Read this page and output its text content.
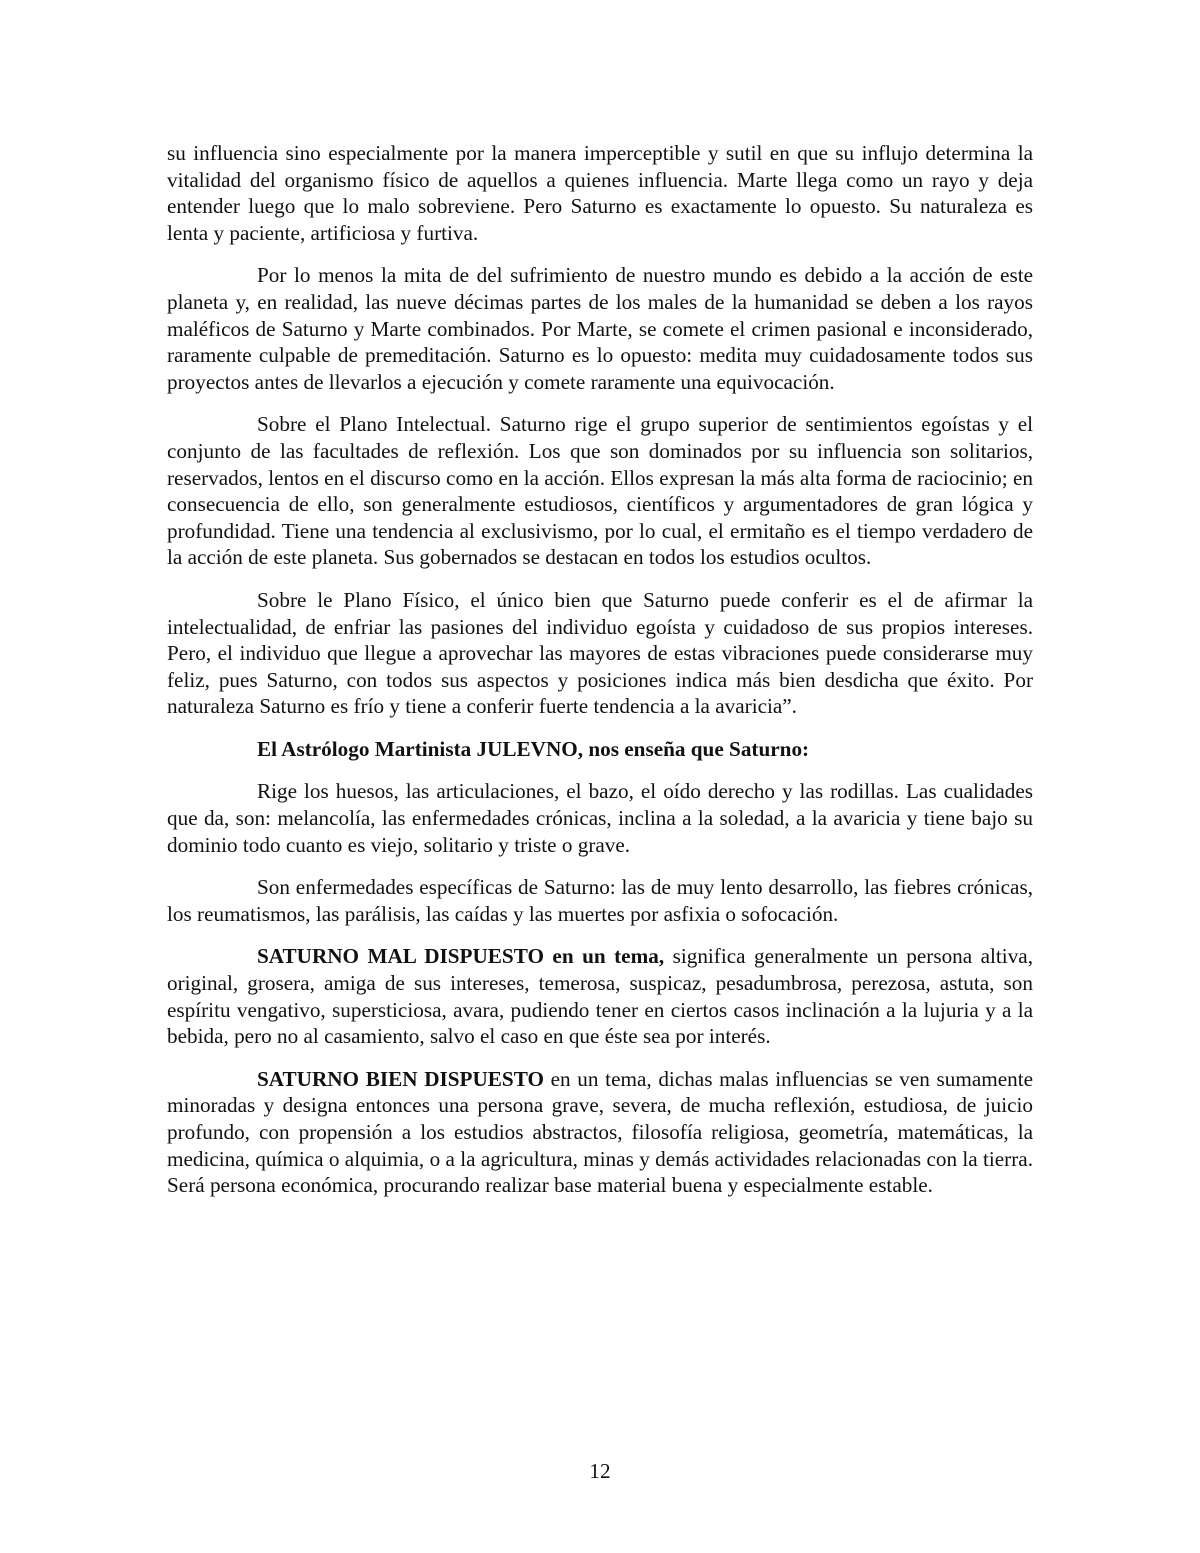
su influencia sino especialmente por la manera imperceptible y sutil en que su influjo determina la vitalidad del organismo físico de aquellos a quienes influencia. Marte llega como un rayo y deja entender luego que lo malo sobreviene. Pero Saturno es exactamente lo opuesto. Su naturaleza es lenta y paciente, artificiosa y furtiva.

Por lo menos la mita de del sufrimiento de nuestro mundo es debido a la acción de este planeta y, en realidad, las nueve décimas partes de los males de la humanidad se deben a los rayos maléficos de Saturno y Marte combinados. Por Marte, se comete el crimen pasional e inconsiderado, raramente culpable de premeditación. Saturno es lo opuesto: medita muy cuidadosamente todos sus proyectos antes de llevarlos a ejecución y comete raramente una equivocación.

Sobre el Plano Intelectual. Saturno rige el grupo superior de sentimientos egoístas y el conjunto de las facultades de reflexión. Los que son dominados por su influencia son solitarios, reservados, lentos en el discurso como en la acción. Ellos expresan la más alta forma de raciocinio; en consecuencia de ello, son generalmente estudiosos, científicos y argumentadores de gran lógica y profundidad. Tiene una tendencia al exclusivismo, por lo cual, el ermitaño es el tiempo verdadero de la acción de este planeta. Sus gobernados se destacan en todos los estudios ocultos.

Sobre le Plano Físico, el único bien que Saturno puede conferir es el de afirmar la intelectualidad, de enfriar las pasiones del individuo egoísta y cuidadoso de sus propios intereses. Pero, el individuo que llegue a aprovechar las mayores de estas vibraciones puede considerarse muy feliz, pues Saturno, con todos sus aspectos y posiciones indica más bien desdicha que éxito. Por naturaleza Saturno es frío y tiene a conferir fuerte tendencia a la avaricia”.

El Astrólogo Martinista JULEVNO, nos enseña que Saturno:

Rige los huesos, las articulaciones, el bazo, el oído derecho y las rodillas. Las cualidades que da, son: melancolía, las enfermedades crónicas, inclina a la soledad, a la avaricia y tiene bajo su dominio todo cuanto es viejo, solitario y triste o grave.

Son enfermedades específicas de Saturno: las de muy lento desarrollo, las fiebres crónicas, los reumatismos, las parálisis, las caídas y las muertes por asfixia o sofocación.

SATURNO MAL DISPUESTO en un tema, significa generalmente un persona altiva, original, grosera, amiga de sus intereses, temerosa, suspicaz, pesadumbrosa, perezosa, astuta, son espíritu vengativo, supersticiosa, avara, pudiendo tener en ciertos casos inclinación a la lujuria y a la bebida, pero no al casamiento, salvo el caso en que éste sea por interés.

SATURNO BIEN DISPUESTO en un tema, dichas malas influencias se ven sumamente minoradas y designa entonces una persona grave, severa, de mucha reflexión, estudiosa, de juicio profundo, con propensión a los estudios abstractos, filosofía religiosa, geometría, matemáticas, la medicina, química o alquimia, o a la agricultura, minas y demás actividades relacionadas con la tierra. Será persona económica, procurando realizar base material buena y especialmente estable.

12
